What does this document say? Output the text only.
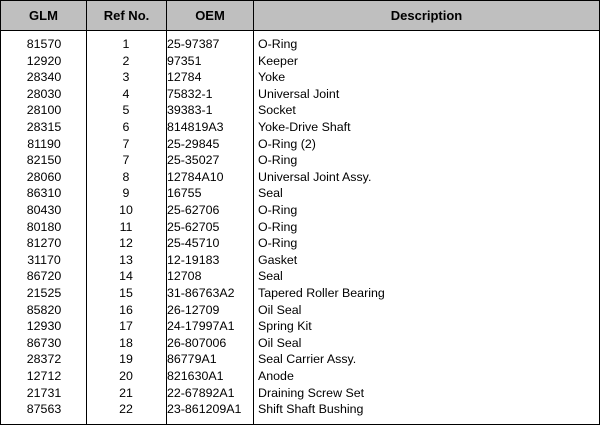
GLM	Ref No.	OEM	Description
81570	1	25-97387	O-Ring
12920	2	97351	Keeper
28340	3	12784	Yoke
28030	4	75832-1	Universal Joint
28100	5	39383-1	Socket
28315	6	814819A3	Yoke-Drive Shaft
81190	7	25-29845	O-Ring (2)
82150	7	25-35027	O-Ring
28060	8	12784A10	Universal Joint Assy.
86310	9	16755	Seal
80430	10	25-62706	O-Ring
80180	11	25-62705	O-Ring
81270	12	25-45710	O-Ring
31170	13	12-19183	Gasket
86720	14	12708	Seal
21525	15	31-86763A2	Tapered Roller Bearing
85820	16	26-12709	Oil Seal
12930	17	24-17997A1	Spring Kit
86730	18	26-807006	Oil Seal
28372	19	86779A1	Seal Carrier Assy.
12712	20	821630A1	Anode
21731	21	22-67892A1	Draining Screw Set
87563	22	23-861209A1	Shift Shaft Bushing
